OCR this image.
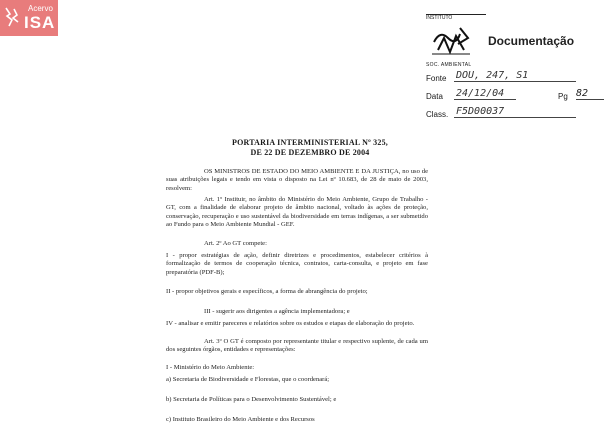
Acervo
ISA	INSTITUTO
SOC. AMBIENTAL
Documentação
Fonte DOU, 247, S1
Data 24/12/04	Pg 82
Class. F5D00037
PORTARIA INTERMINISTERIAL Nº 325,
DE 22 DE DEZEMBRO DE 2004

OS MINISTROS DE ESTADO DO MEIO AMBIENTE E DA JUSTIÇA, no uso de suas atribuições legais e tendo em vista o disposto na Lei nº 10.683, de 28 de maio de 2003, resolvem:

Art. 1º Instituir, no âmbito do Ministério do Meio Ambiente, Grupo de Trabalho - GT, com a finalidade de elaborar projeto de âmbito nacional, voltado às ações de proteção, conservação, recuperação e uso sustentável da biodiversidade em terras indígenas, a ser submetido ao Fundo para o Meio Ambiente Mundial - GEF.

Art. 2º Ao GT compete:

I - propor estratégias de ação, definir diretrizes e procedimentos, estabelecer critérios à formalização de termos de cooperação técnica, contratos, carta-consulta, e projeto em fase preparatória (PDF-B);

II - propor objetivos gerais e específicos, a forma de abrangência do projeto;

III - sugerir aos dirigentes a agência implementadora; e

IV - analisar e emitir pareceres e relatórios sobre os estudos e etapas de elaboração do projeto.

Art. 3º O GT é composto por representante titular e respectivo suplente, de cada um dos seguintes órgãos, entidades e representações:

I - Ministério do Meio Ambiente:

a) Secretaria de Biodiversidade e Florestas, que o coordenará;

b) Secretaria de Políticas para o Desenvolvimento Sustentável; e

c) Instituto Brasileiro do Meio Ambiente e dos Recursos
